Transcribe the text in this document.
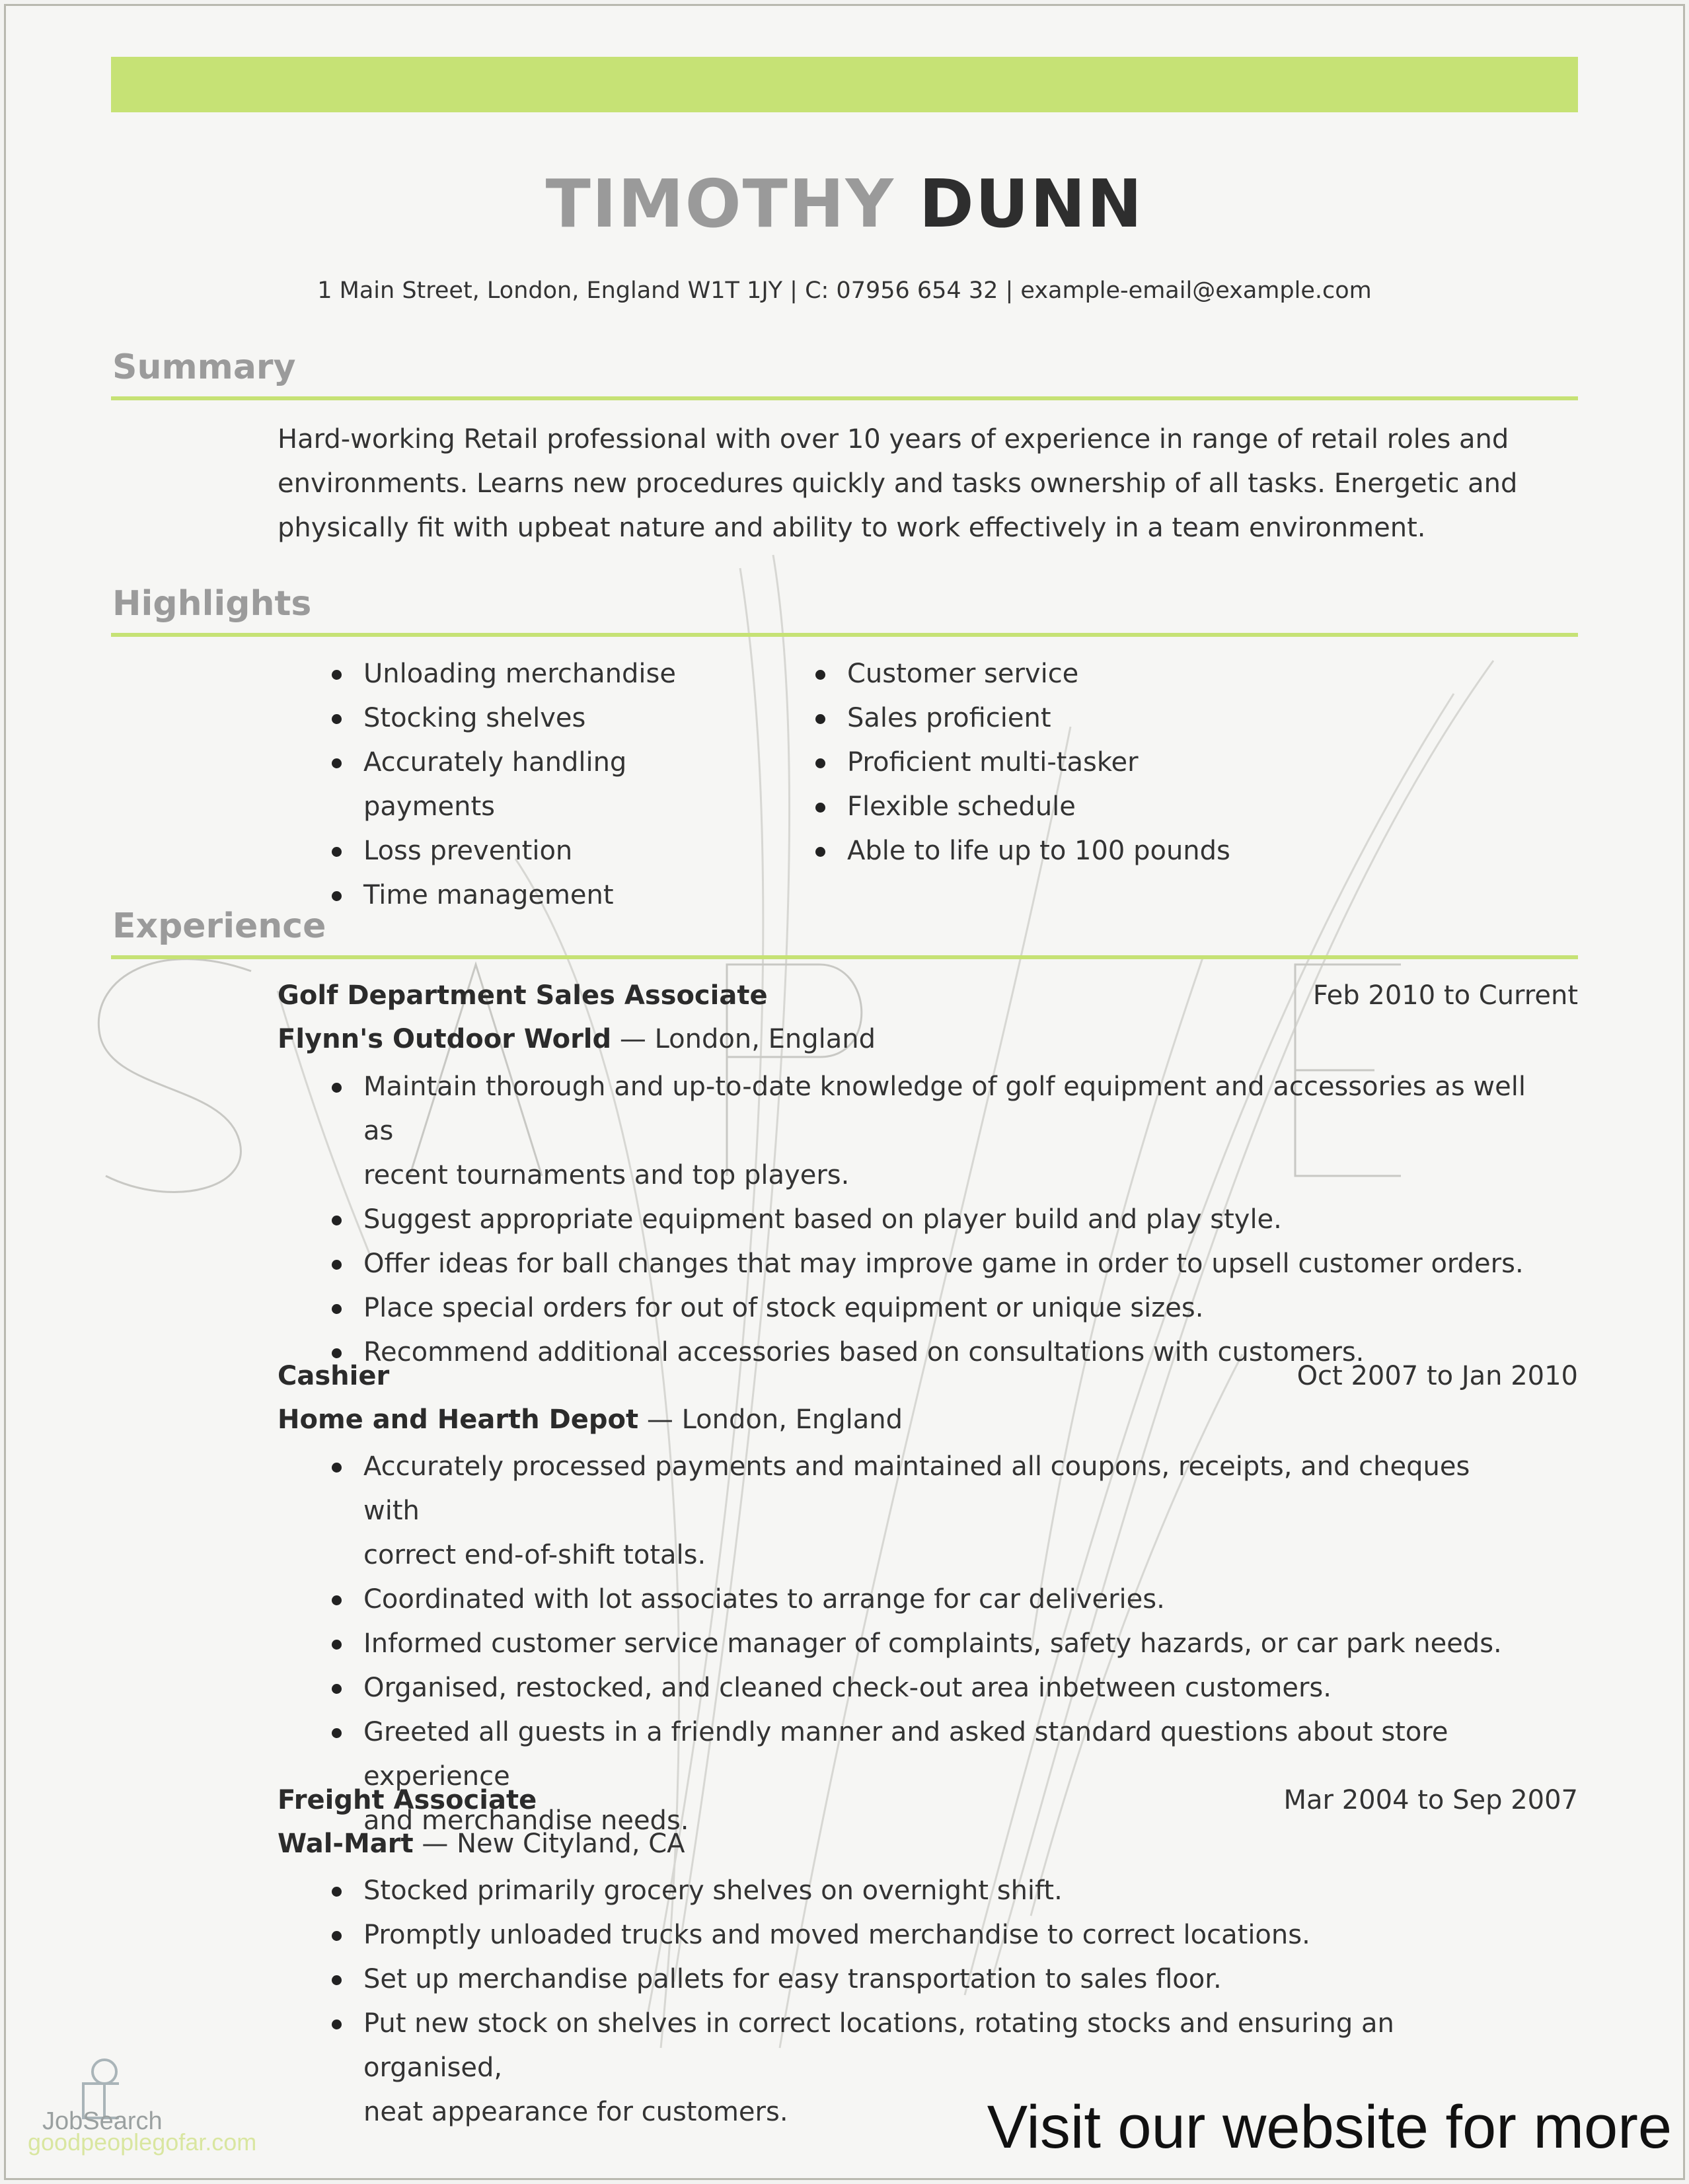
TIMOTHY DUNN
1 Main Street, London, England W1T 1JY | C: 07956 654 32 | example-email@example.com
Summary
Hard-working Retail professional with over 10 years of experience in range of retail roles and
environments. Learns new procedures quickly and tasks ownership of all tasks. Energetic and
physically fit with upbeat nature and ability to work effectively in a team environment.
Highlights
Unloading merchandise
Stocking shelves
Accurately handling payments
Loss prevention
Time management
Customer service
Sales proficient
Proficient multi-tasker
Flexible schedule
Able to life up to 100 pounds
Experience
Golf Department Sales Associate	Feb 2010 to Current
Flynn's Outdoor World — London, England
Maintain thorough and up-to-date knowledge of golf equipment and accessories as well as
recent tournaments and top players.
Suggest appropriate equipment based on player build and play style.
Offer ideas for ball changes that may improve game in order to upsell customer orders.
Place special orders for out of stock equipment or unique sizes.
Recommend additional accessories based on consultations with customers.
Cashier	Oct 2007 to Jan 2010
Home and Hearth Depot — London, England
Accurately processed payments and maintained all coupons, receipts, and cheques with
correct end-of-shift totals.
Coordinated with lot associates to arrange for car deliveries.
Informed customer service manager of complaints, safety hazards, or car park needs.
Organised, restocked, and cleaned check-out area inbetween customers.
Greeted all guests in a friendly manner and asked standard questions about store experience
and merchandise needs.
Freight Associate	Mar 2004 to Sep 2007
Wal-Mart — New Cityland, CA
Stocked primarily grocery shelves on overnight shift.
Promptly unloaded trucks and moved merchandise to correct locations.
Set up merchandise pallets for easy transportation to sales floor.
Put new stock on shelves in correct locations, rotating stocks and ensuring an organised,
neat appearance for customers.
JobSearch
goodpeoplegofar.com	Visit our website for more
